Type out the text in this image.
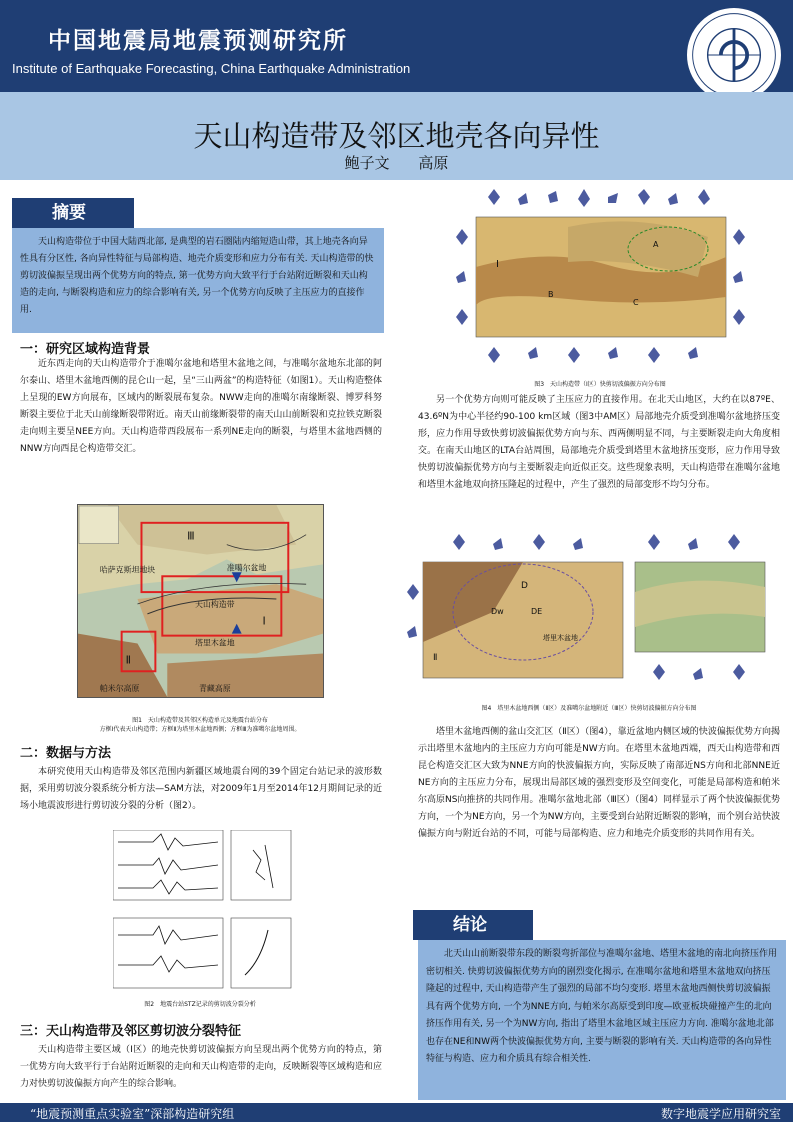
中国地震局地震预测研究所
Institute of Earthquake Forecasting, China Earthquake Administration
天山构造带及邻区地壳各向异性
鲍子文 高原
摘要
天山构造带位于中国大陆西北部, 是典型的岩石圈陆内缩短造山带，其上地壳各向异性具有分区性, 各向异性特征与局部构造、地壳介质变形和应力分布有关. 天山构造带的快剪切波偏振呈现出两个优势方向的特点, 第一优势方向大致平行于台站附近断裂和天山构造的走向, 与断裂构造和应力的综合影响有关, 另一个优势方向反映了主压应力的直接作用.
一：研究区域构造背景
近东西走向的天山构造带介于准噶尔盆地和塔里木盆地之间，与准噶尔盆地东北部的阿尔泰山、塔里木盆地西侧的昆仑山一起，呈“三山两盆”的构造特征（如图1）。天山构造整体上呈现的EW方向展布，区域内的断裂展布复杂。NWW走向的准噶尔南缘断裂、博罗科努断裂主要位于北天山前缘断裂带附近。南天山前缘断裂带的南天山山前断裂和克拉铁克断裂走向则主要呈NEE方向。天山构造带西段展布一系列NE走向的断裂，与塔里木盆地西侧的NNW方向西昆仑构造带交汇。
Ⅲ
Ⅰ
Ⅱ
哈萨克斯坦地块	准噶尔盆地
天山构造带
塔里木盆地
帕米尔高原	青藏高原
图1　天山构造带及其邻区构造单元及地震台站分布
方框Ⅰ代表天山构造带；方框Ⅱ为塔里木盆地西侧；方框Ⅲ为准噶尔盆地周围。
二：数据与方法
本研究使用天山构造带及邻区范围内新疆区域地震台网的39个固定台站记录的波形数据，采用剪切波分裂系统分析方法—SAM方法，对2009年1月至2014年12月期间记录的近场小地震波形进行剪切波分裂的分析（图2）。
图2　地震台站STZ记录的剪切波分裂分析
三：天山构造带及邻区剪切波分裂特征
天山构造带主要区域（Ⅰ区）的地壳快剪切波偏振方向呈现出两个优势方向的特点，第一优势方向大致平行于台站附近断裂的走向和天山构造带的走向，反映断裂等区域构造和应力对快剪切波偏振方向产生的综合影响。
I
A
B
C
图3　天山构造带（Ⅰ区）快剪切波偏振方向分布图
另一个优势方向则可能反映了主压应力的直接作用。在北天山地区，大约在以87ºE、43.6ºN为中心半径约90-100 km区域（图3中AM区）局部地壳介质受到准噶尔盆地挤压变形，应力作用导致快剪切波偏振优势方向与东、西两侧明显不同，与主要断裂走向大角度相交。在南天山地区的LTA台站周围，局部地壳介质受到塔里木盆地挤压变形，应力作用导致快剪切波偏振优势方向与主要断裂走向近似正交。这些现象表明，天山构造带在准噶尔盆地和塔里木盆地双向挤压隆起的过程中，产生了强烈的局部变形不均匀分布。
D
Dw	DE
Ⅱ
塔里木盆地
图4　塔里木盆地西侧（Ⅱ区）及准噶尔盆地附近（Ⅲ区）快剪切波偏振方向分布图
塔里木盆地西侧的盆山交汇区（Ⅱ区）（图4），靠近盆地内侧区域的快波偏振优势方向揭示出塔里木盆地内的主压应力方向可能是NW方向。在塔里木盆地西端，西天山构造带和西昆仑构造交汇区大致为NNE方向的快波偏振方向，实际反映了南部近NS方向和北部NNE近NE方向的主压应力分布，展现出局部区域的强烈变形及空间变化，可能是局部构造和帕米尔高原NS向推挤的共同作用。准噶尔盆地北部（Ⅲ区）（图4）同样显示了两个快波偏振优势方向，一个为NE方向，另一个为NW方向，主要受到台站附近断裂的影响，而个别台站快波偏振方向与附近台站的不同，可能与局部构造、应力和地壳介质变形的共同作用有关。
结论
北天山山前断裂带东段的断裂弯折部位与准噶尔盆地、塔里木盆地的南北向挤压作用密切相关. 快剪切波偏振优势方向的剧烈变化揭示, 在准噶尔盆地和塔里木盆地双向挤压隆起的过程中, 天山构造带产生了强烈的局部不均匀变形. 塔里木盆地西侧快剪切波偏振具有两个优势方向, 一个为NNE方向, 与帕米尔高原受到印度—欧亚板块碰撞产生的北向挤压作用有关, 另一个为NW方向, 指出了塔里木盆地区域主压应力方向. 准噶尔盆地北部也存在NE和NW两个快波偏振优势方向, 主要与断裂的影响有关. 天山构造带的各向异性特征与构造、应力和介质具有综合相关性.
“地震预测重点实验室”深部构造研究组	数字地震学应用研究室
